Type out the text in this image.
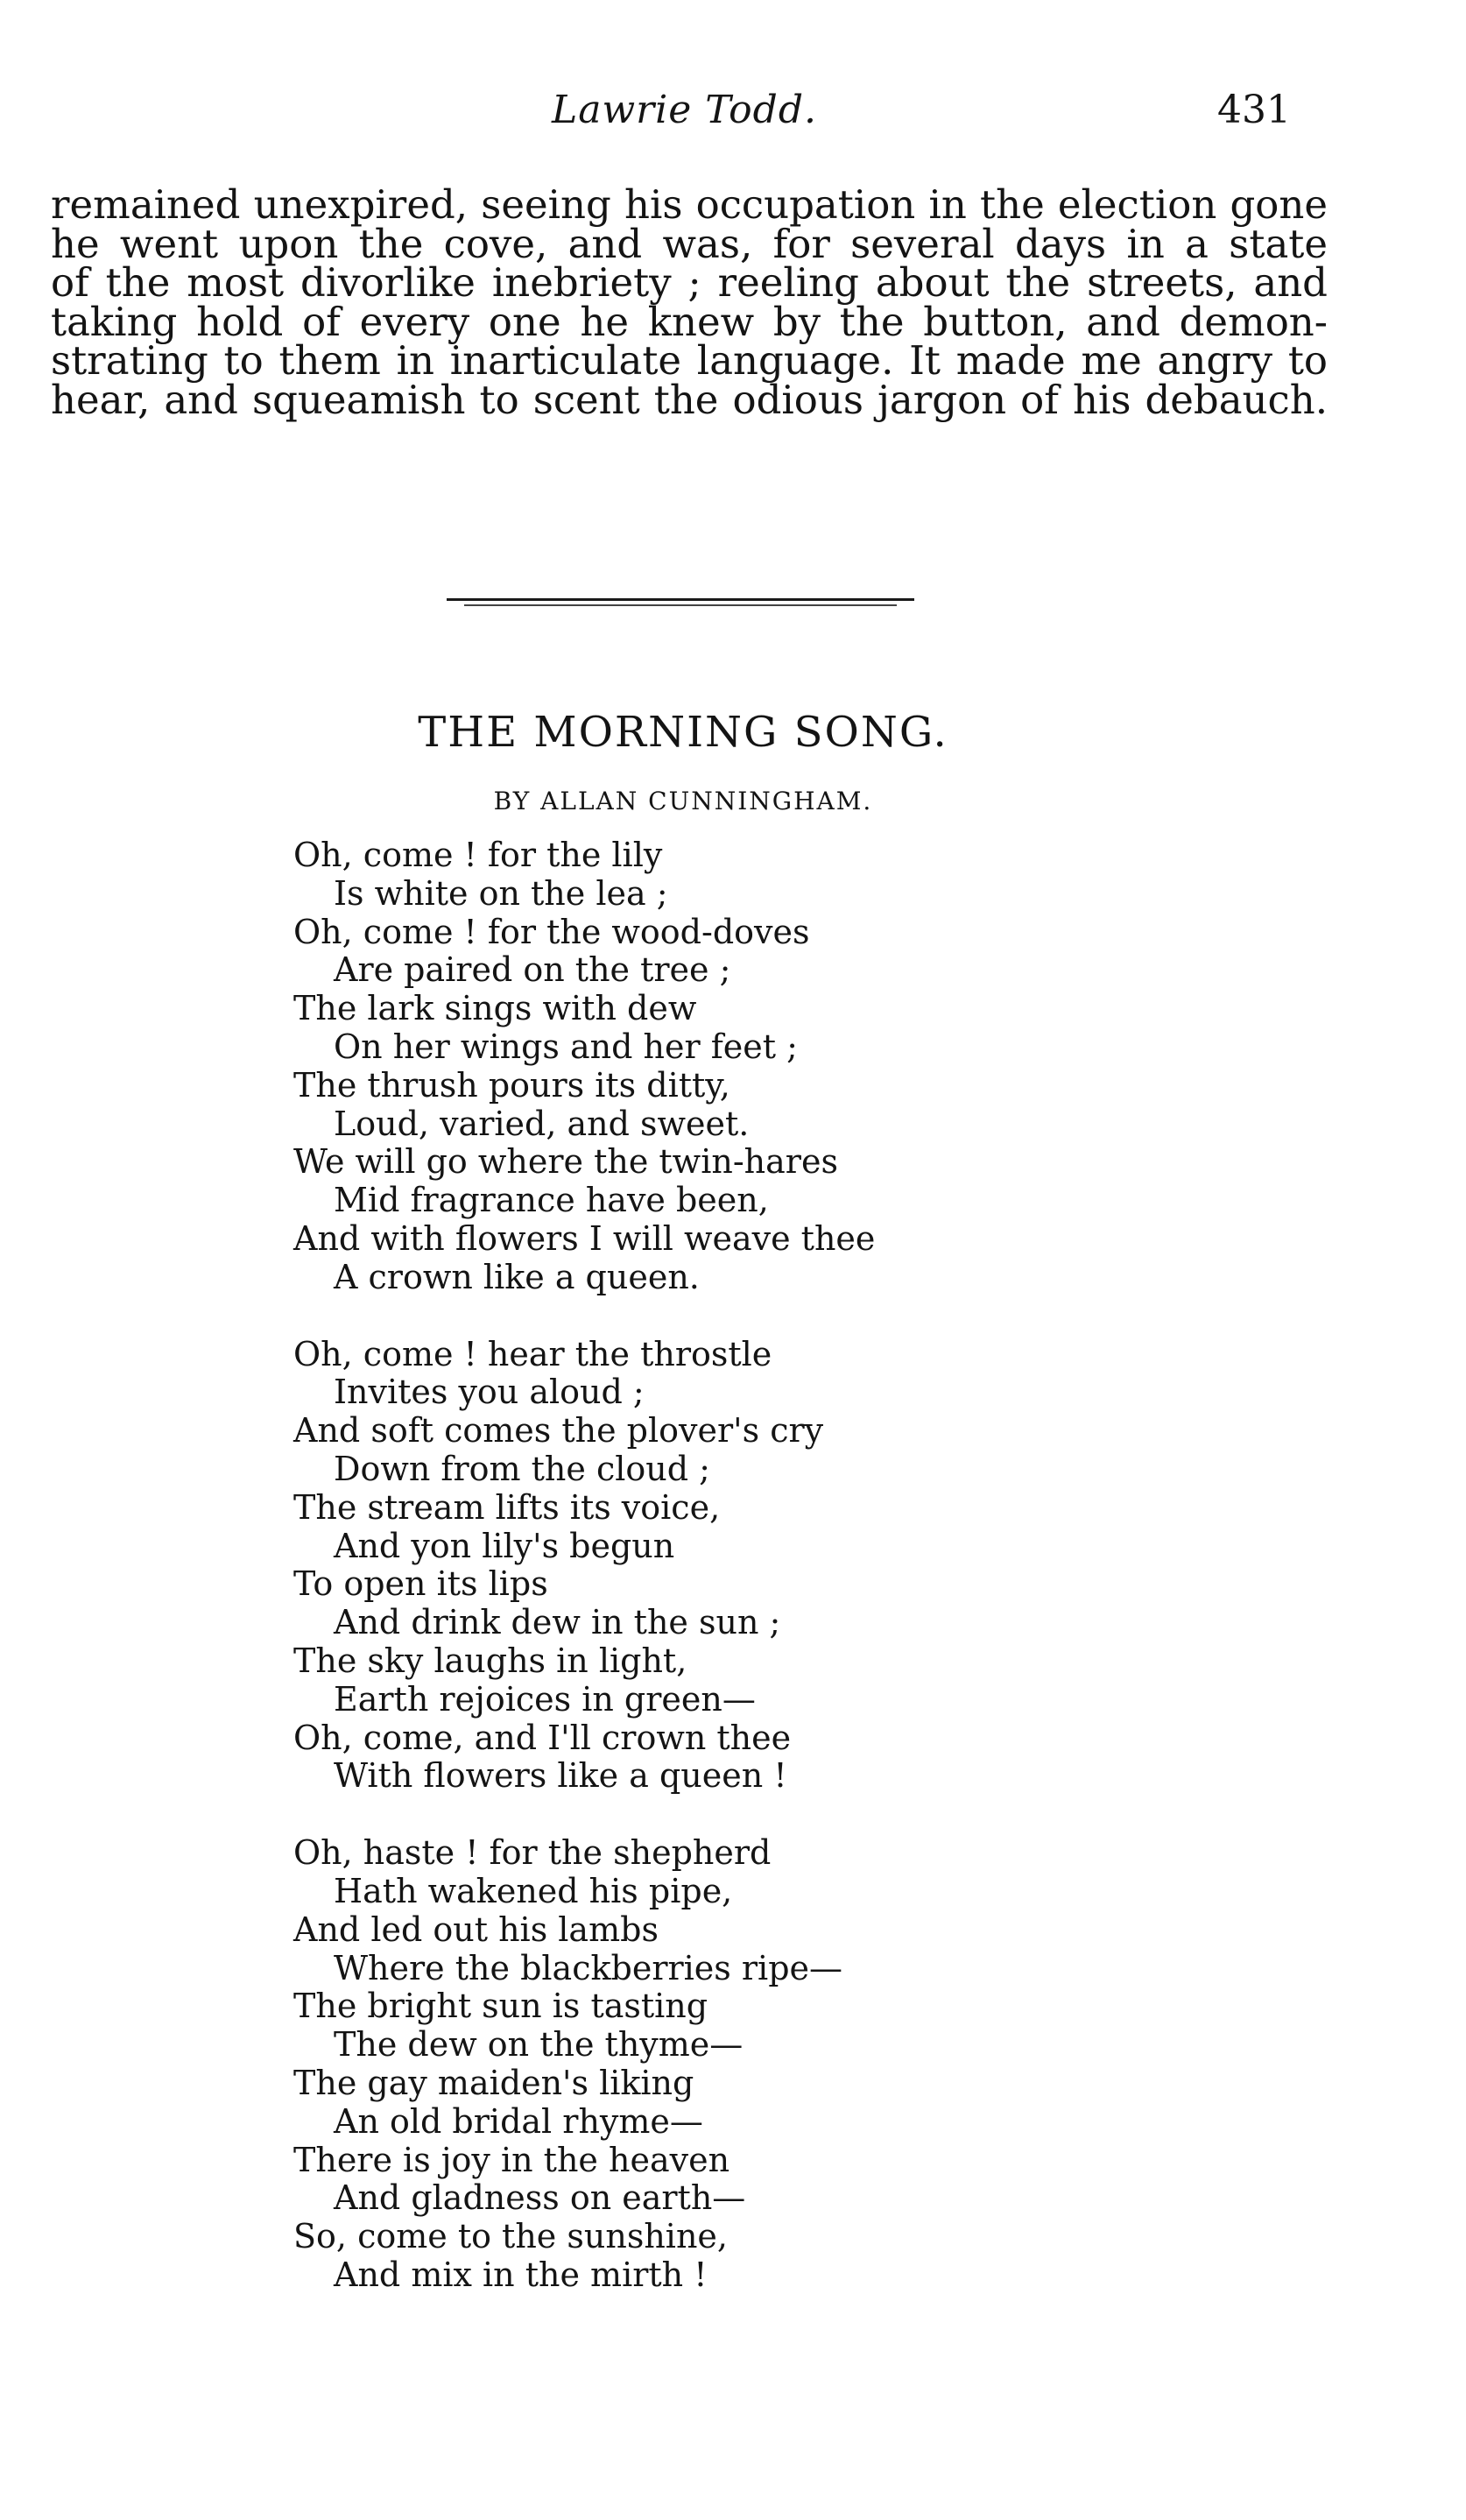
Lawrie Todd.	431
remained unexpired, seeing his occupation in the election gone
he went upon the cove, and was, for several days in a state
of the most divorlike inebriety ; reeling about the streets, and
taking hold of every one he knew by the button, and demon-
strating to them in inarticulate language. It made me angry to
hear, and squeamish to scent the odious jargon of his debauch.
THE MORNING SONG.
BY ALLAN CUNNINGHAM.
Oh, come ! for the lily
Is white on the lea ;
Oh, come ! for the wood-doves
Are paired on the tree ;
The lark sings with dew
On her wings and her feet ;
The thrush pours its ditty,
Loud, varied, and sweet.
We will go where the twin-hares
Mid fragrance have been,
And with flowers I will weave thee
A crown like a queen.
Oh, come ! hear the throstle
Invites you aloud ;
And soft comes the plover's cry
Down from the cloud ;
The stream lifts its voice,
And yon lily's begun
To open its lips
And drink dew in the sun ;
The sky laughs in light,
Earth rejoices in green—
Oh, come, and I'll crown thee
With flowers like a queen !
Oh, haste ! for the shepherd
Hath wakened his pipe,
And led out his lambs
Where the blackberries ripe—
The bright sun is tasting
The dew on the thyme—
The gay maiden's liking
An old bridal rhyme—
There is joy in the heaven
And gladness on earth—
So, come to the sunshine,
And mix in the mirth !
